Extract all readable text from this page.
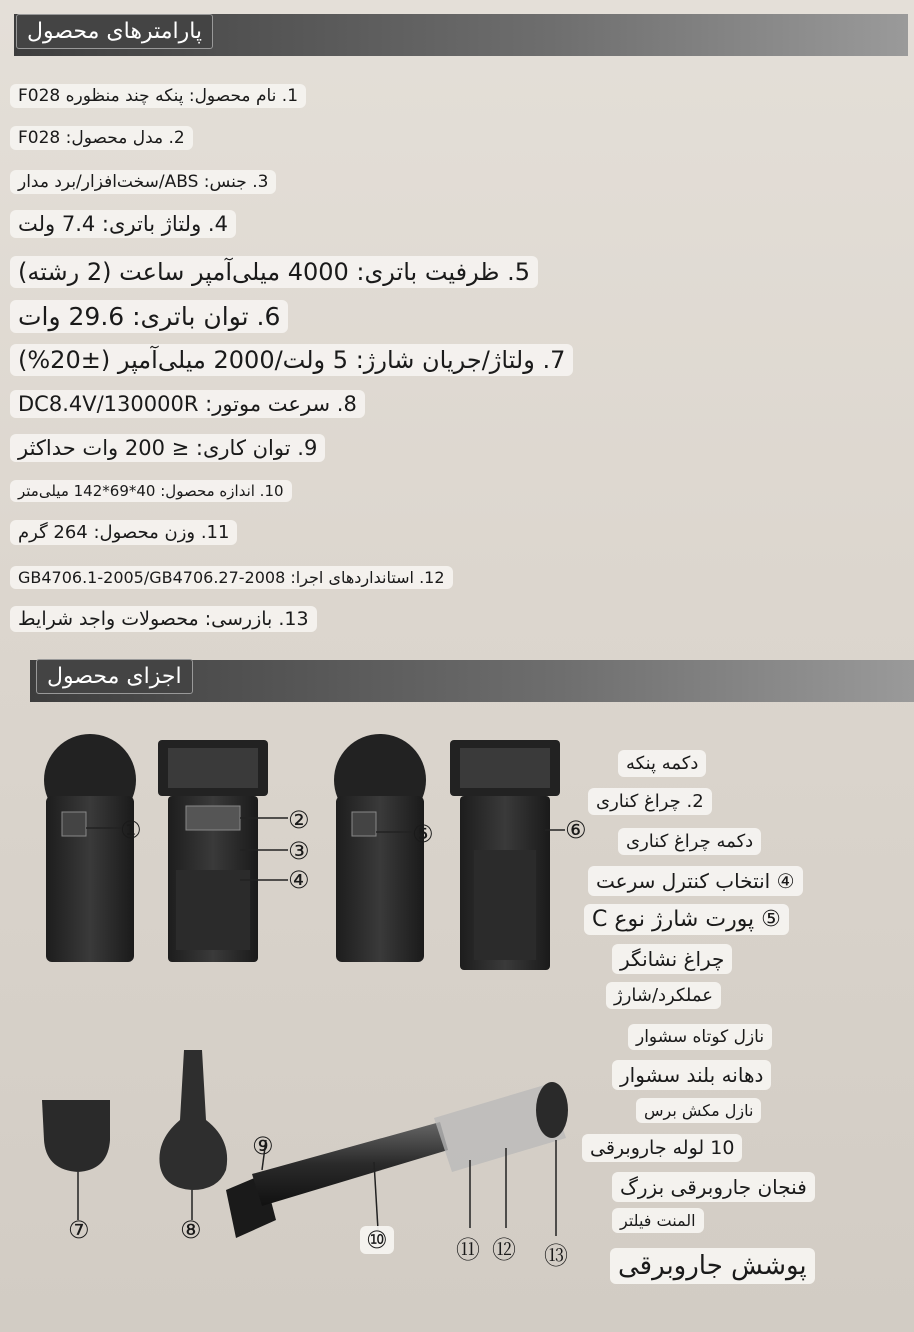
پارامترهای محصول
1. نام محصول: پنکه چند منظوره F028
2. مدل محصول: F028
3. جنس: ABS/سخت‌افزار/برد مدار
4. ولتاژ باتری: 7.4 ولت
5. ظرفیت باتری: 4000 میلی‌آمپر ساعت (2 رشته)
6. توان باتری: 29.6 وات
7. ولتاژ/جریان شارژ: 5 ولت/2000 میلی‌آمپر (±20%)
8. سرعت موتور: DC8.4V/130000R
9. توان کاری: ≤ 200 وات حداکثر
10. اندازه محصول: 40*69*142 میلی‌متر
11. وزن محصول: 264 گرم
12. استانداردهای اجرا: GB4706.1-2005/GB4706.27-2008
13. بازرسی: محصولات واجد شرایط
اجزای محصول
①	②
③
④
⑤	⑥
⑦	⑧
⑨
⑩	⑪ ⑫ ⑬
دکمه پنکه
2. چراغ کناری
دکمه چراغ کناری
④ انتخاب کنترل سرعت
⑤ پورت شارژ نوع C
چراغ نشانگر
عملکرد/شارژ
نازل کوتاه سشوار
دهانه بلند سشوار
نازل مکش برس
10 لوله جاروبرقی
فنجان جاروبرقی بزرگ
المنت فیلتر
پوشش جاروبرقی
